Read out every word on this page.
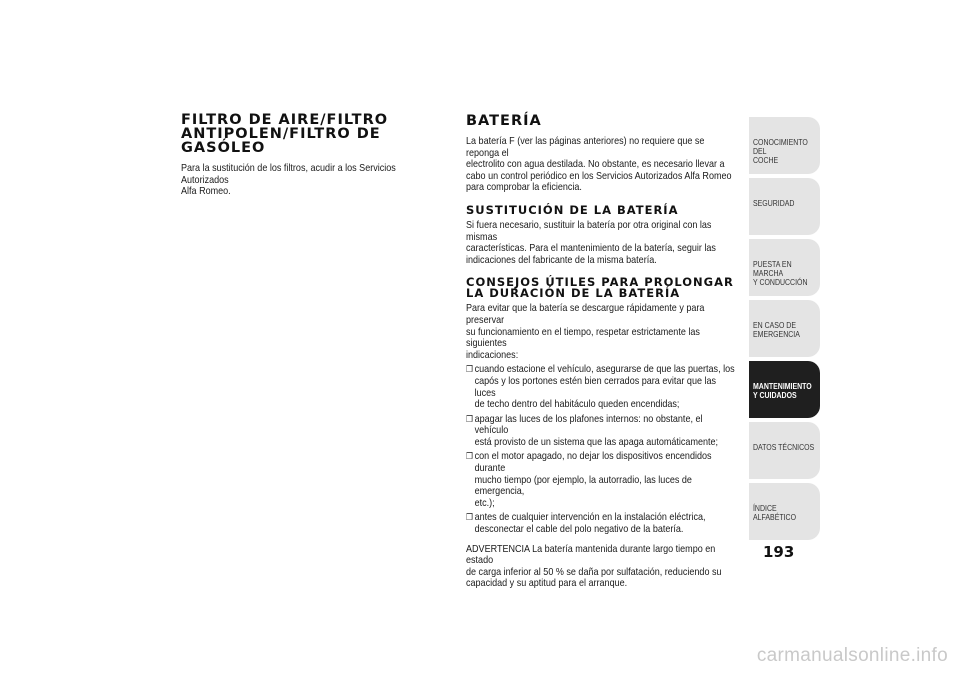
FILTRO DE AIRE/FILTRO
ANTIPOLEN/FILTRO DE
GASÓLEO

Para la sustitución de los filtros, acudir a los Servicios Autorizados
Alfa Romeo.

BATERÍA

La batería F (ver las páginas anteriores) no requiere que se reponga el
electrolito con agua destilada. No obstante, es necesario llevar a
cabo un control periódico en los Servicios Autorizados Alfa Romeo
para comprobar la eficiencia.

SUSTITUCIÓN DE LA BATERÍA

Si fuera necesario, sustituir la batería por otra original con las mismas
características. Para el mantenimiento de la batería, seguir las
indicaciones del fabricante de la misma batería.

CONSEJOS ÚTILES PARA PROLONGAR
LA DURACIÓN DE LA BATERÍA

Para evitar que la batería se descargue rápidamente y para preservar
su funcionamiento en el tiempo, respetar estrictamente las siguientes
indicaciones:

❒ cuando estacione el vehículo, asegurarse de que las puertas, los
capós y los portones estén bien cerrados para evitar que las luces
de techo dentro del habitáculo queden encendidas;
❒ apagar las luces de los plafones internos: no obstante, el vehículo
está provisto de un sistema que las apaga automáticamente;
❒ con el motor apagado, no dejar los dispositivos encendidos durante
mucho tiempo (por ejemplo, la autorradio, las luces de emergencia,
etc.);
❒ antes de cualquier intervención en la instalación eléctrica,
desconectar el cable del polo negativo de la batería.

ADVERTENCIA La batería mantenida durante largo tiempo en estado
de carga inferior al 50 % se daña por sulfatación, reduciendo su
capacidad y su aptitud para el arranque.

CONOCIMIENTO DEL
COCHE
SEGURIDAD
PUESTA EN MARCHA
Y CONDUCCIÓN
EN CASO DE
EMERGENCIA
MANTENIMIENTO
Y CUIDADOS
DATOS TÉCNICOS
ÍNDICE ALFABÉTICO
193
carmanualsonline.info
